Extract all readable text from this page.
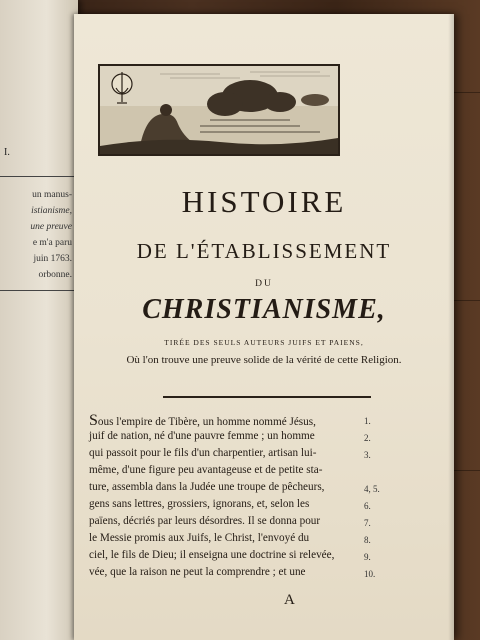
I.
un manus-
istianisme,
une preuve
e m'a paru
juin 1763.
orbonne.
HISTOIRE
DE L'ÉTABLISSEMENT
DU
CHRISTIANISME,
TIRÉE DES SEULS AUTEURS JUIFS ET PAIENS,
Où l'on trouve une preuve solide de la vérité de cette Religion.
Sous l'empire de Tibère, un homme nommé Jésus,
juif de nation, né d'une pauvre femme ; un homme
qui passoit pour le fils d'un charpentier, artisan lui-
même, d'une figure peu avantageuse et de petite sta-
ture, assembla dans la Judée une troupe de pêcheurs,
gens sans lettres, grossiers, ignorans, et, selon les
païens, décriés par leurs désordres. Il se donna pour
le Messie promis aux Juifs, le Christ, l'envoyé du
ciel, le fils de Dieu; il enseigna une doctrine si relevée,
vée, que la raison ne peut la comprendre ; et une
1.
2.
3.
4, 5.
6.
7.
8.
9.
10.
A
